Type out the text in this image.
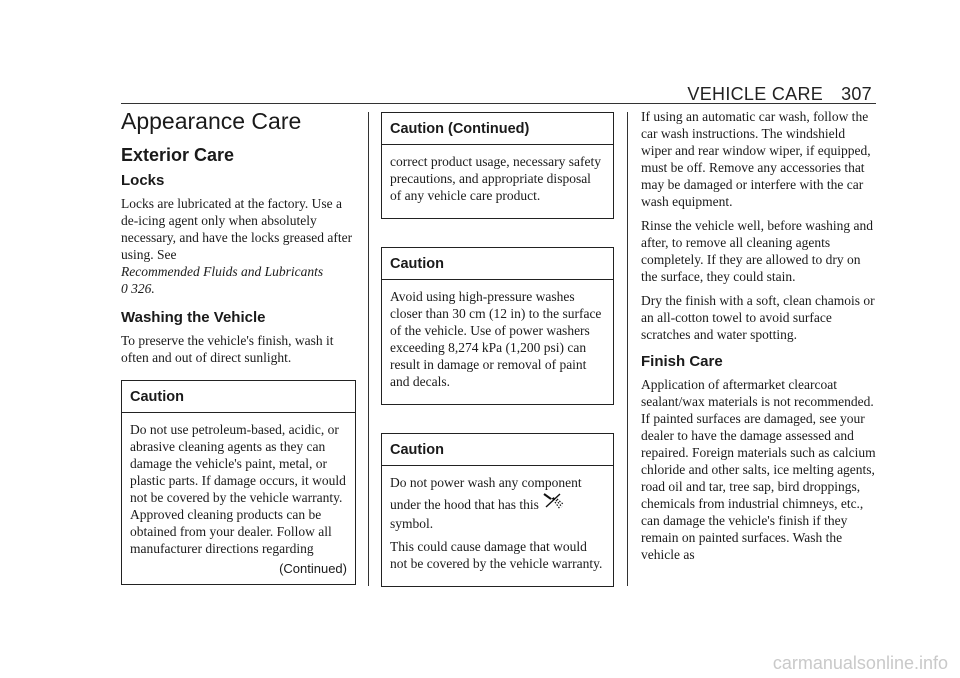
VEHICLE CARE 307
Appearance Care
Exterior Care
Locks

Locks are lubricated at the factory. Use a de-icing agent only when absolutely necessary, and have the locks greased after using. See
Recommended Fluids and Lubricants
0 326.

Washing the Vehicle

To preserve the vehicle's finish, wash it often and out of direct sunlight.

Caution

Do not use petroleum-based, acidic, or abrasive cleaning agents as they can damage the vehicle's paint, metal, or plastic parts. If damage occurs, it would not be covered by the vehicle warranty. Approved cleaning products can be obtained from your dealer. Follow all manufacturer directions regarding

(Continued)
Caution (Continued)

correct product usage, necessary safety precautions, and appropriate disposal of any vehicle care product.

Caution

Avoid using high-pressure washes closer than 30 cm (12 in) to the surface of the vehicle. Use of power washers exceeding 8,274 kPa (1,200 psi) can result in damage or removal of paint and decals.

Caution

Do not power wash any component under the hood that has this
symbol.

This could cause damage that would not be covered by the vehicle warranty.

If using an automatic car wash, follow the car wash instructions. The windshield wiper and rear window wiper, if equipped, must be off. Remove any accessories that may be damaged or interfere with the car wash equipment.

Rinse the vehicle well, before washing and after, to remove all cleaning agents completely. If they are allowed to dry on the surface, they could stain.

Dry the finish with a soft, clean chamois or an all-cotton towel to avoid surface scratches and water spotting.

Finish Care

Application of aftermarket clearcoat sealant/wax materials is not recommended. If painted surfaces are damaged, see your dealer to have the damage assessed and repaired. Foreign materials such as calcium chloride and other salts, ice melting agents, road oil and tar, tree sap, bird droppings, chemicals from industrial chimneys, etc., can damage the vehicle's finish if they remain on painted surfaces. Wash the vehicle as

carmanualsonline.info
